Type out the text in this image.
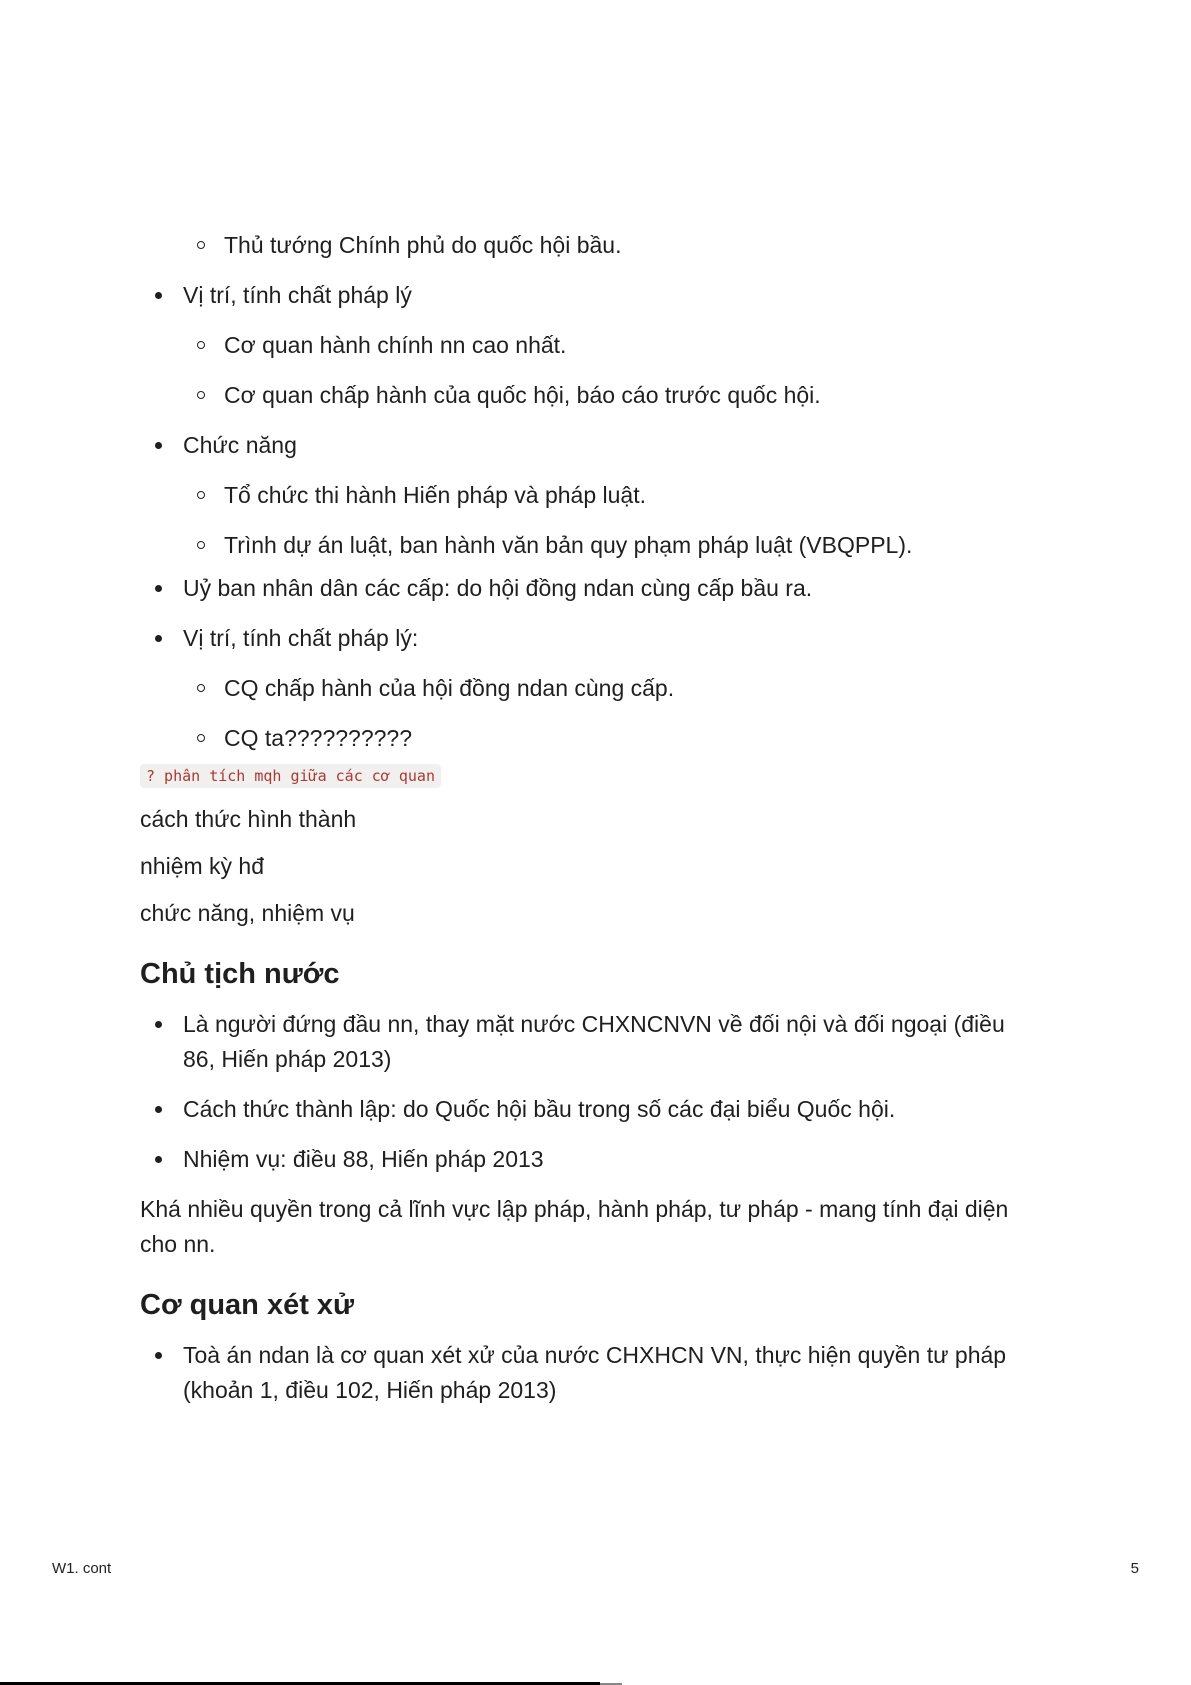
Thủ tướng Chính phủ do quốc hội bầu.
Vị trí, tính chất pháp lý
Cơ quan hành chính nn cao nhất.
Cơ quan chấp hành của quốc hội, báo cáo trước quốc hội.
Chức năng
Tổ chức thi hành Hiến pháp và pháp luật.
Trình dự án luật, ban hành văn bản quy phạm pháp luật (VBQPPL).
Uỷ ban nhân dân các cấp: do hội đồng ndan cùng cấp bầu ra.
Vị trí, tính chất pháp lý:
CQ chấp hành của hội đồng ndan cùng cấp.
CQ ta??????????
? phân tích mqh giữa các cơ quan

cách thức hình thành

nhiệm kỳ hđ

chức năng, nhiệm vụ

Chủ tịch nước
Là người đứng đầu nn, thay mặt nước CHXNCNVN về đối nội và đối ngoại (điều 86, Hiến pháp 2013)
Cách thức thành lập: do Quốc hội bầu trong số các đại biểu Quốc hội.
Nhiệm vụ: điều 88, Hiến pháp 2013

Khá nhiều quyền trong cả lĩnh vực lập pháp, hành pháp, tư pháp - mang tính đại diện cho nn.

Cơ quan xét xử
Toà án ndan là cơ quan xét xử của nước CHXHCN VN, thực hiện quyền tư pháp (khoản 1, điều 102, Hiến pháp 2013)
W1. cont	5
